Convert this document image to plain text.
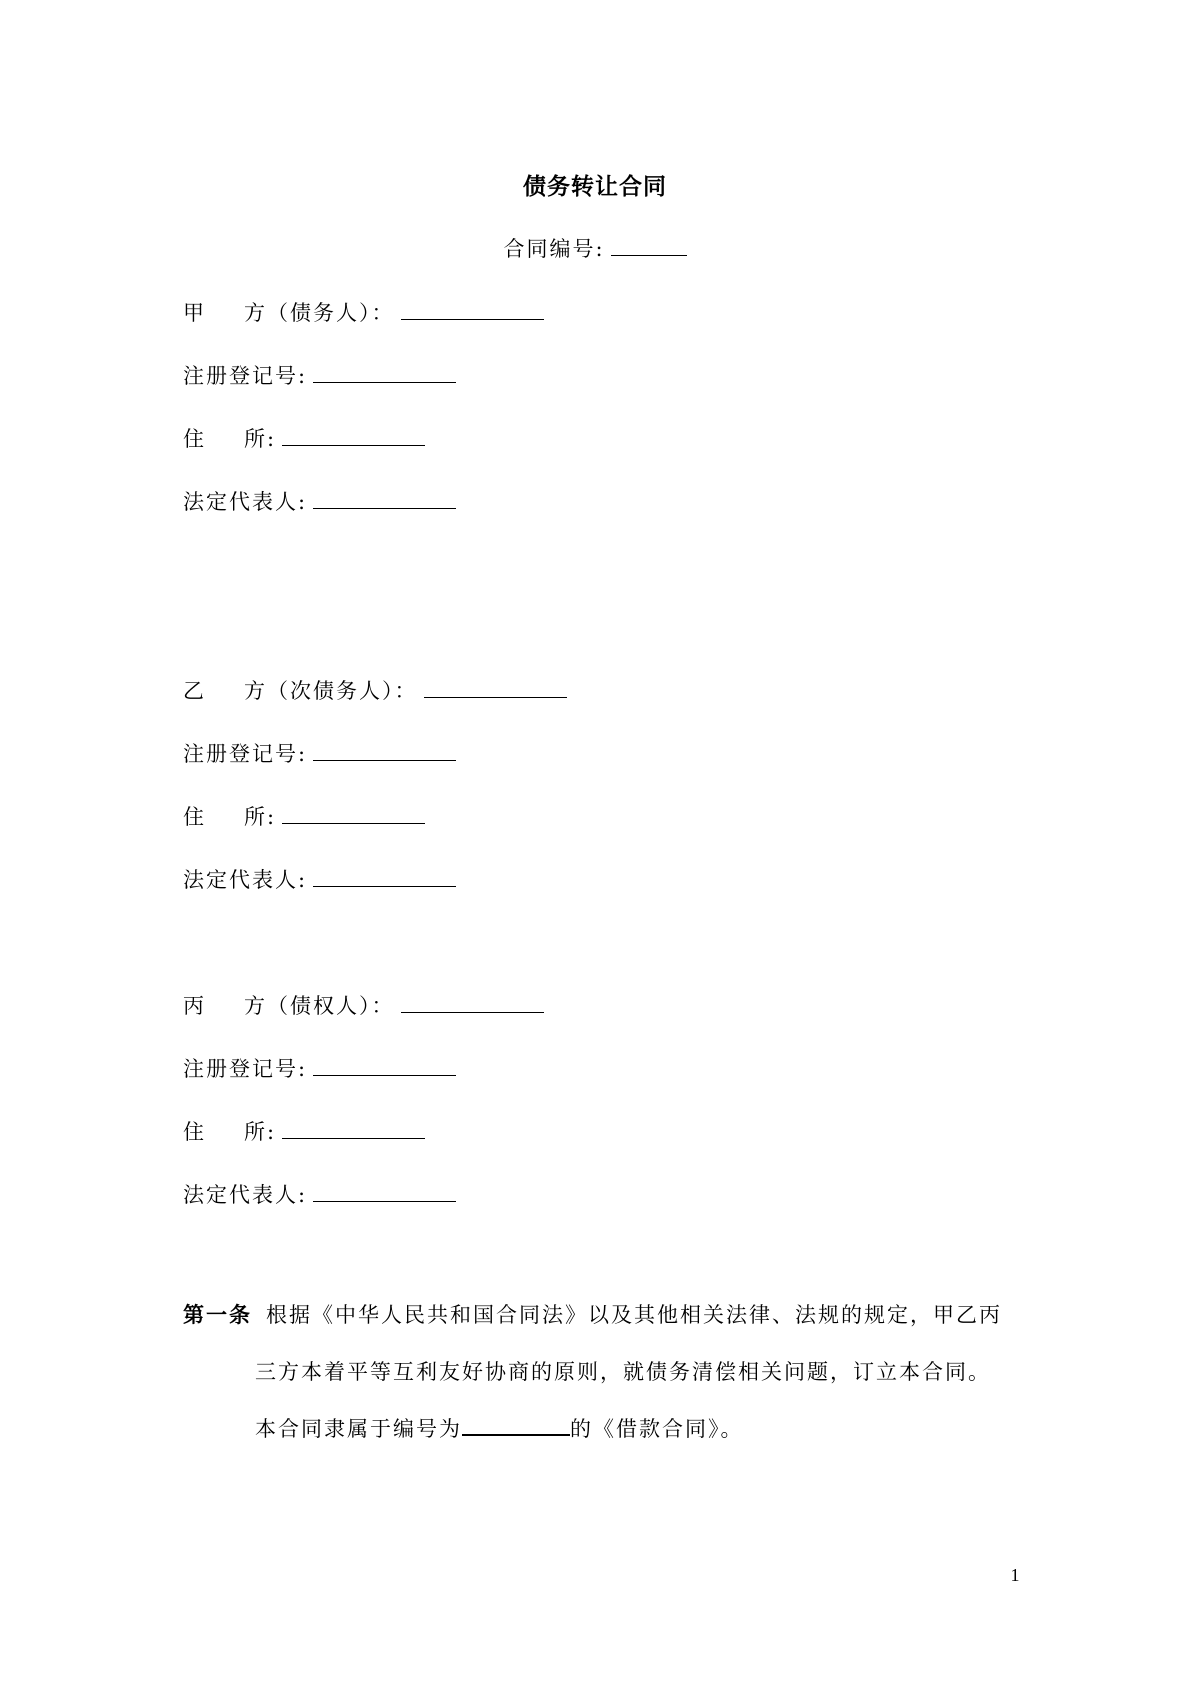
债务转让合同
合同编号:
甲 方（债务人）：
注册登记号:
住 所:
法定代表人:
乙 方（次债务人）：
注册登记号:
住 所:
法定代表人:
丙 方（债权人）：
注册登记号:
住 所:
法定代表人:
第一条 根据《中华人民共和国合同法》以及其他相关法律、法规的规定，甲乙丙
三方本着平等互利友好协商的原则，就债务清偿相关问题，订立本合同。
本合同隶属于编号为	的《借款合同》。
1
